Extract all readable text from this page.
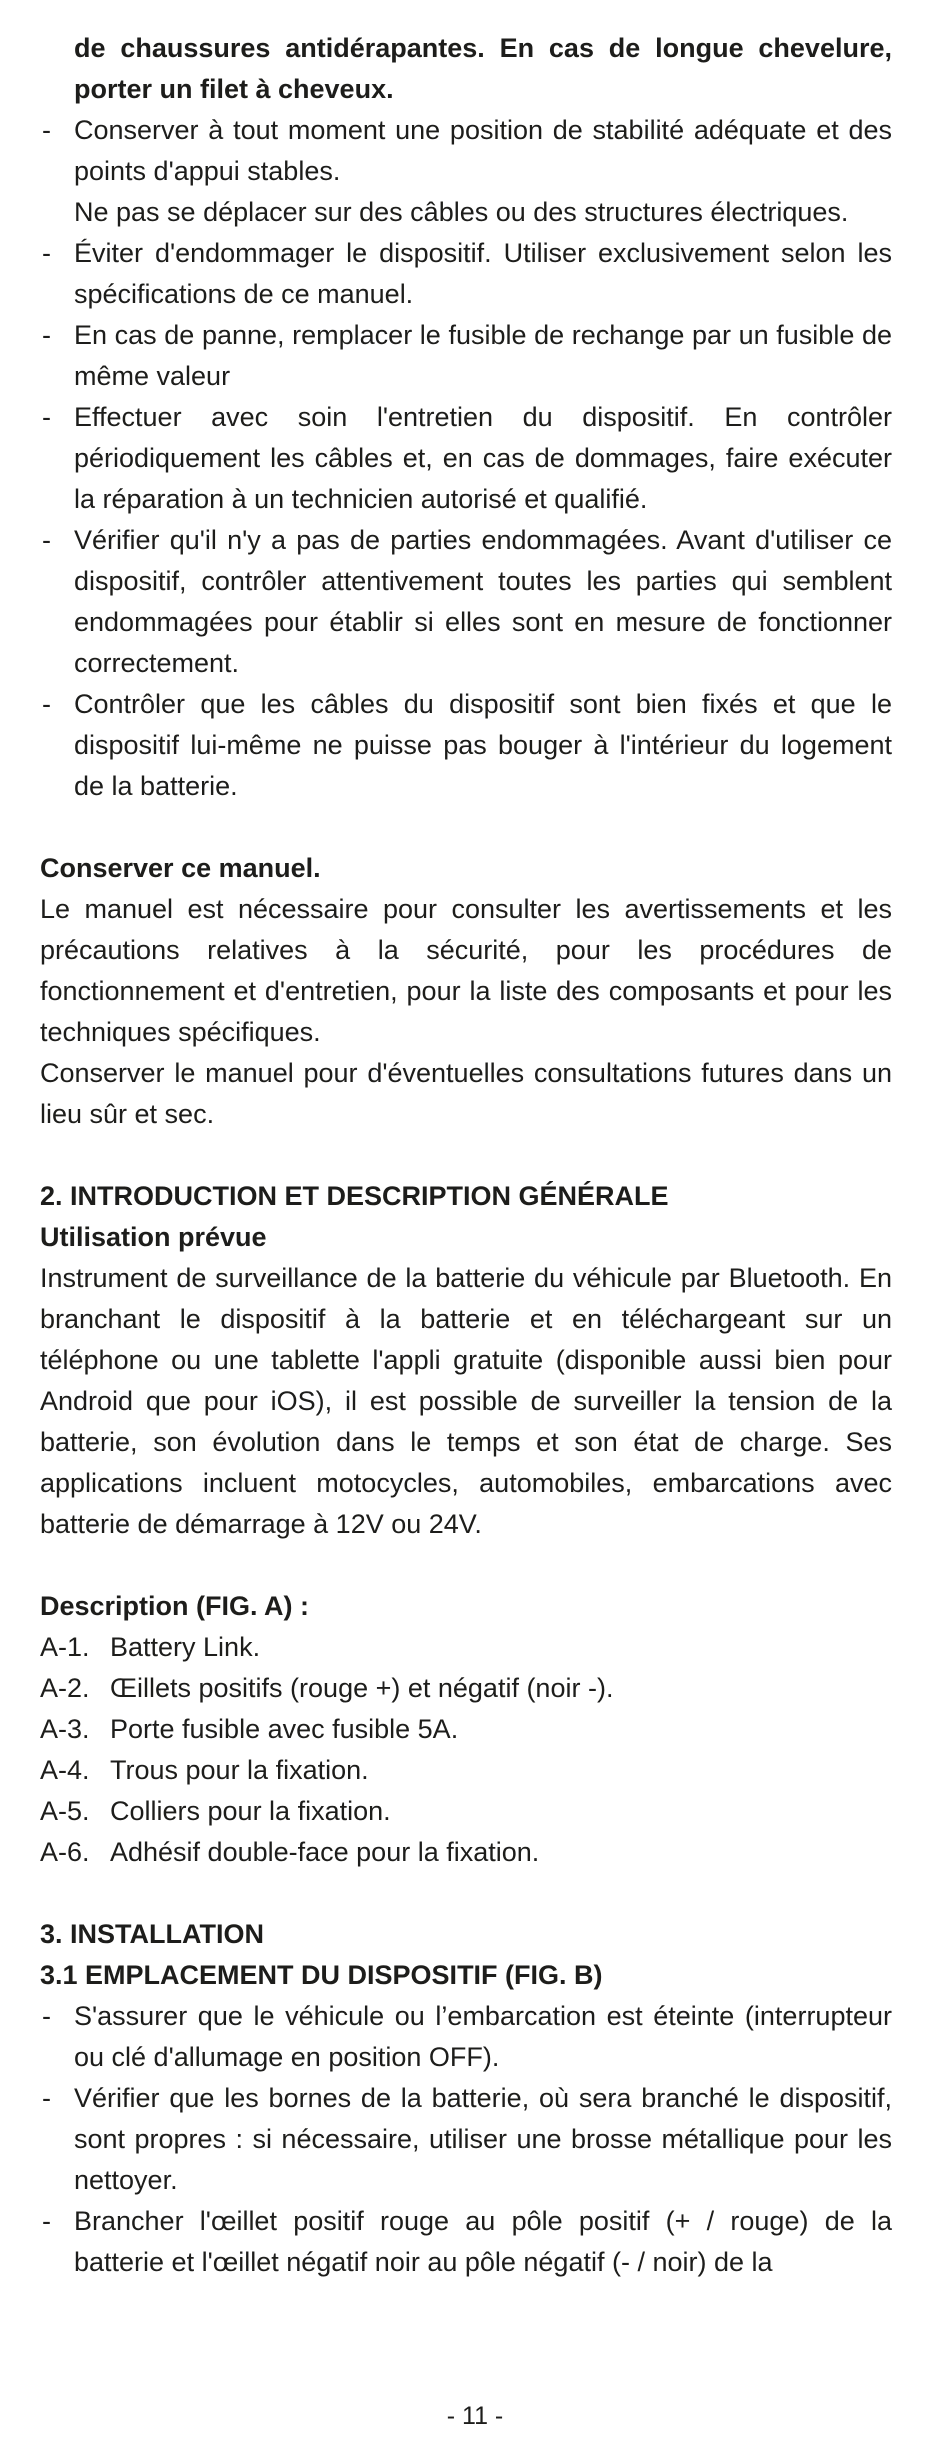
de chaussures antidérapantes. En cas de longue chevelure, porter un filet à cheveux.

- Conserver à tout moment une position de stabilité adéquate et des points d'appui stables.

Ne pas se déplacer sur des câbles ou des structures électriques.

- Éviter d'endommager le dispositif. Utiliser exclusivement selon les spécifications de ce manuel.
- En cas de panne, remplacer le fusible de rechange par un fusible de même valeur
- Effectuer avec soin l'entretien du dispositif. En contrôler périodiquement les câbles et, en cas de dommages, faire exécuter la réparation à un technicien autorisé et qualifié.
- Vérifier qu'il n'y a pas de parties endommagées. Avant d'utiliser ce dispositif, contrôler attentivement toutes les parties qui semblent endommagées pour établir si elles sont en mesure de fonctionner correctement.
- Contrôler que les câbles du dispositif sont bien fixés et que le dispositif lui-même ne puisse pas bouger à l'intérieur du logement de la batterie.

Conserver ce manuel.

Le manuel est nécessaire pour consulter les avertissements et les précautions relatives à la sécurité, pour les procédures de fonctionnement et d'entretien, pour la liste des composants et pour les techniques spécifiques.

Conserver le manuel pour d'éventuelles consultations futures dans un lieu sûr et sec.

2. INTRODUCTION ET DESCRIPTION GÉNÉRALE

Utilisation prévue

Instrument de surveillance de la batterie du véhicule par Bluetooth. En branchant le dispositif à la batterie et en téléchargeant sur un téléphone ou une tablette l'appli gratuite (disponible aussi bien pour Android que pour iOS), il est possible de surveiller la tension de la batterie, son évolution dans le temps et son état de charge. Ses applications incluent motocycles, automobiles, embarcations avec batterie de démarrage à 12V ou 24V.

Description (FIG. A) :

A-1. Battery Link.
A-2. Œillets positifs (rouge +) et négatif (noir -).
A-3. Porte fusible avec fusible 5A.
A-4. Trous pour la fixation.
A-5. Colliers pour la fixation.
A-6. Adhésif double-face pour la fixation.
3. INSTALLATION
3.1 EMPLACEMENT DU DISPOSITIF (FIG. B)
- S'assurer que le véhicule ou l’embarcation est éteinte (interrupteur ou clé d'allumage en position OFF).
- Vérifier que les bornes de la batterie, où sera branché le dispositif, sont propres : si nécessaire, utiliser une brosse métallique pour les nettoyer.
- Brancher l'œillet positif rouge au pôle positif (+ / rouge) de la batterie et l'œillet négatif noir au pôle négatif (- / noir) de la
- 11 -
